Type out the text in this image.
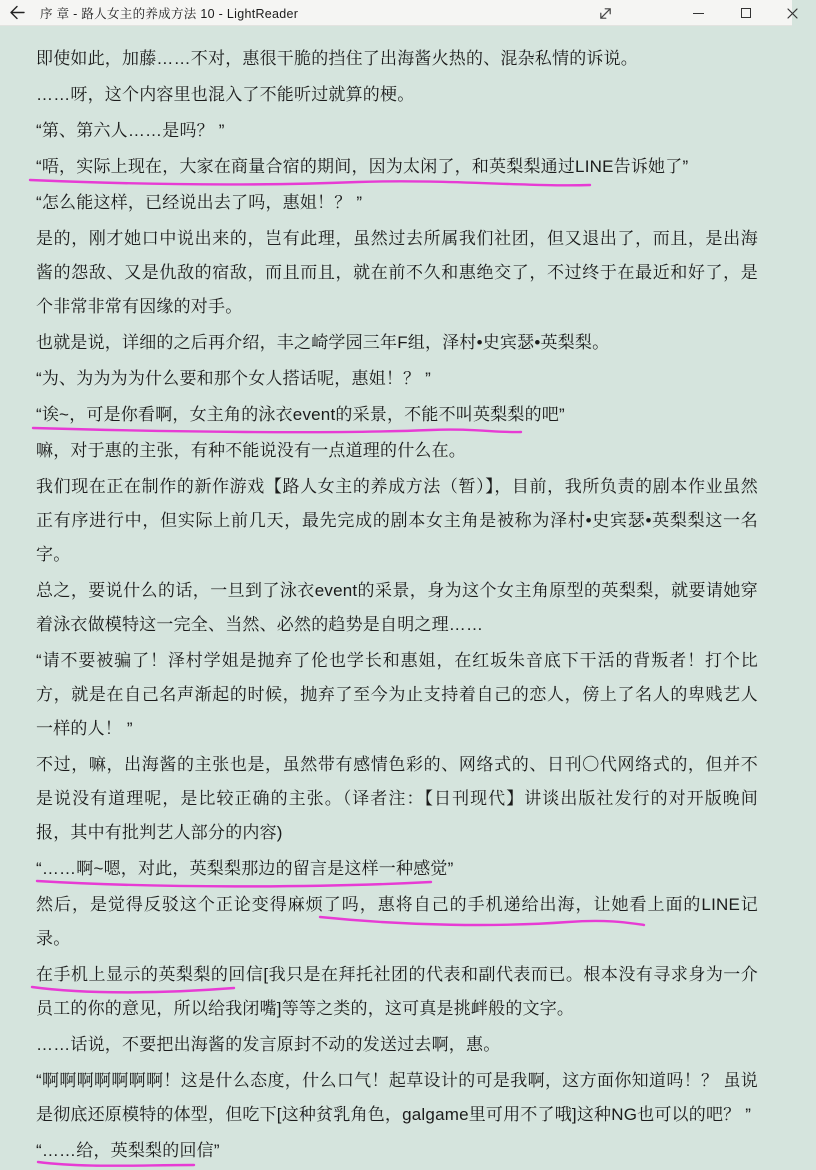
序 章 - 路人女主的养成方法 10 - LightReader

即使如此，加藤……不对，惠很干脆的挡住了出海酱火热的、混杂私情的诉说。

……呀，这个内容里也混入了不能听过就算的梗。

“第、第六人……是吗？ ”

“唔，实际上现在，大家在商量合宿的期间，因为太闲了，和英梨梨通过LINE告诉她了”

“怎么能这样，已经说出去了吗，惠姐！？ ”

是的，刚才她口中说出来的，岂有此理，虽然过去所属我们社团，但又退出了，而且，是出海酱的怨敌、又是仇敌的宿敌，而且而且，就在前不久和惠绝交了，不过终于在最近和好了，是个非常非常有因缘的对手。

也就是说，详细的之后再介绍，丰之崎学园三年F组，泽村•史宾瑟•英梨梨。

“为、为为为为什么要和那个女人搭话呢，惠姐！？ ”

“诶~，可是你看啊，女主角的泳衣event的采景，不能不叫英梨梨的吧”

嘛，对于惠的主张，有种不能说没有一点道理的什么在。

我们现在正在制作的新作游戏【路人女主的养成方法（暂）】，目前，我所负责的剧本作业虽然正有序进行中，但实际上前几天，最先完成的剧本女主角是被称为泽村•史宾瑟•英梨梨这一名字。

总之，要说什么的话，一旦到了泳衣event的采景，身为这个女主角原型的英梨梨，就要请她穿着泳衣做模特这一完全、当然、必然的趋势是自明之理……

“请不要被骗了！泽村学姐是抛弃了伦也学长和惠姐，在红坂朱音底下干活的背叛者！打个比方，就是在自己名声渐起的时候，抛弃了至今为止支持着自己的恋人，傍上了名人的卑贱艺人一样的人！ ”

不过，嘛，出海酱的主张也是，虽然带有感情色彩的、网络式的、日刊〇代网络式的，但并不是说没有道理呢，是比较正确的主张。（译者注：【日刊现代】讲谈出版社发行的对开版晚间报，其中有批判艺人部分的内容)

“……啊~嗯，对此，英梨梨那边的留言是这样一种感觉”

然后，是觉得反驳这个正论变得麻烦了吗，惠将自己的手机递给出海，让她看上面的LINE记录。

在手机上显示的英梨梨的回信[我只是在拜托社团的代表和副代表而已。根本没有寻求身为一介员工的你的意见，所以给我闭嘴]等等之类的，这可真是挑衅般的文字。

……话说，不要把出海酱的发言原封不动的发送过去啊，惠。

“啊啊啊啊啊啊啊！这是什么态度，什么口气！起草设计的可是我啊，这方面你知道吗！？ 虽说是彻底还原模特的体型，但吃下[这种贫乳角色，galgame里可用不了哦]这种NG也可以的吧？ ”

“……给，英梨梨的回信”
